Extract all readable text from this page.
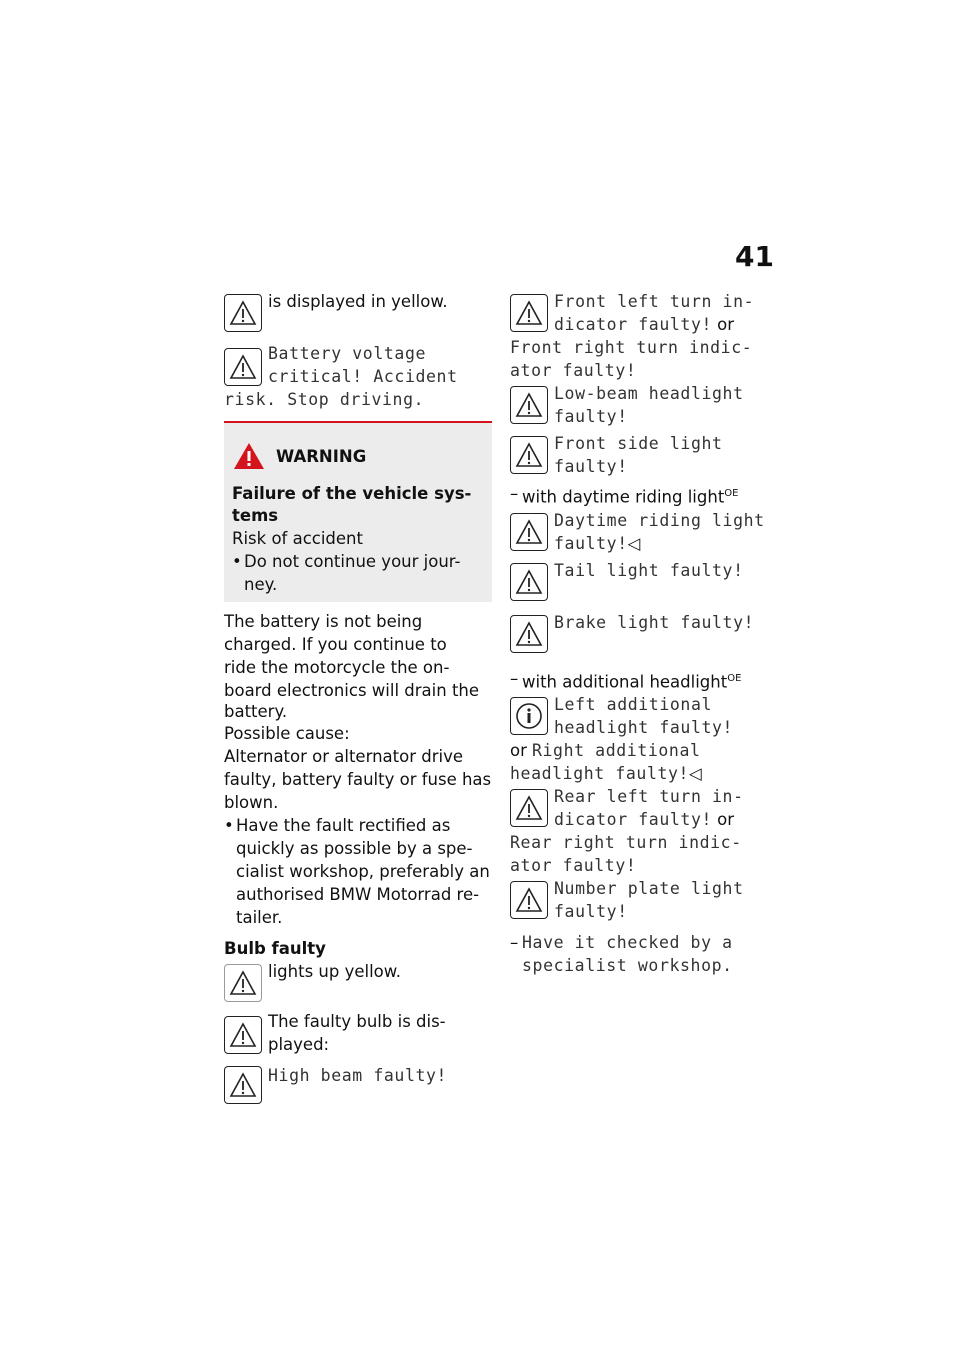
41
is displayed in yellow.
Battery voltage
critical! Accident
risk. Stop driving.
WARNING
Failure of the vehicle sys-
tems
Risk of accident
• Do not continue your jour-
ney.
The battery is not being
charged. If you continue to
ride the motorcycle the on-
board electronics will drain the
battery.
Possible cause:
Alternator or alternator drive
faulty, battery faulty or fuse has
blown.
• Have the fault rectified as
quickly as possible by a spe-
cialist workshop, preferably an
authorised BMW Motorrad re-
tailer.
Bulb faulty
lights up yellow.
The faulty bulb is dis-
played:
High beam faulty!
Front left turn in-
dicator faulty! or
Front right turn indic-
ator faulty!
Low-beam headlight
faulty!
Front side light
faulty!
– with daytime riding light$^{OE}$
Daytime riding light
faulty!◁
Tail light faulty!
Brake light faulty!
– with additional headlight$^{OE}$
Left additional
headlight faulty!
or Right additional
headlight faulty!◁
Rear left turn in-
dicator faulty! or
Rear right turn indic-
ator faulty!
Number plate light
faulty!
– Have it checked by a
specialist workshop.
